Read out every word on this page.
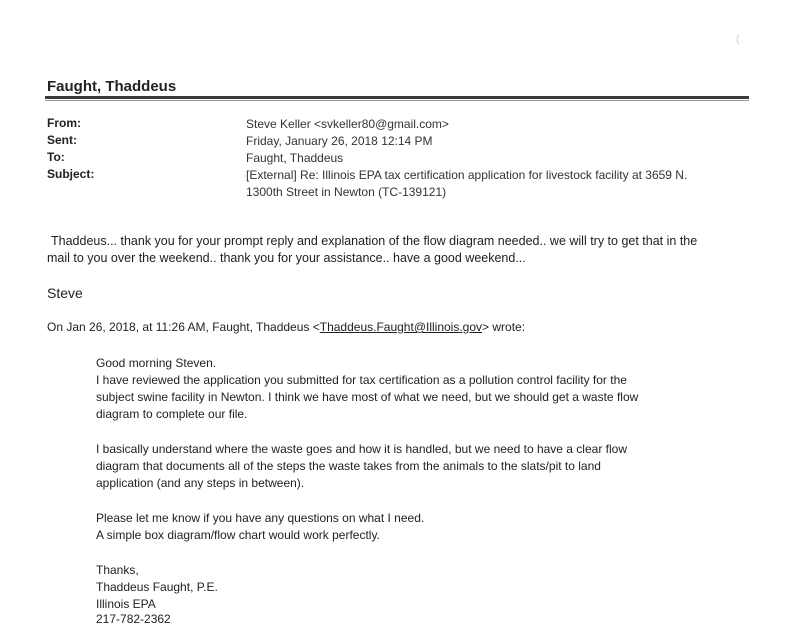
(
Faught, Thaddeus
From:	Steve Keller <svkeller80@gmail.com>
Sent:	Friday, January 26, 2018 12:14 PM
To:	Faught, Thaddeus
Subject:	[External] Re: Illinois EPA tax certification application for livestock facility at 3659 N.
1300th Street in Newton (TC-139121)
Thaddeus... thank you for your prompt reply and explanation of the flow diagram needed.. we will try to get that in the
mail to you over the weekend.. thank you for your assistance.. have a good weekend...
Steve
On Jan 26, 2018, at 11:26 AM, Faught, Thaddeus <Thaddeus.Faught@Illinois.gov> wrote:
Good morning Steven.
I have reviewed the application you submitted for tax certification as a pollution control facility for the
subject swine facility in Newton. I think we have most of what we need, but we should get a waste flow
diagram to complete our file.
I basically understand where the waste goes and how it is handled, but we need to have a clear flow
diagram that documents all of the steps the waste takes from the animals to the slats/pit to land
application (and any steps in between).
Please let me know if you have any questions on what I need.
A simple box diagram/flow chart would work perfectly.
Thanks,
Thaddeus Faught, P.E.
Illinois EPA
217-782-2362
